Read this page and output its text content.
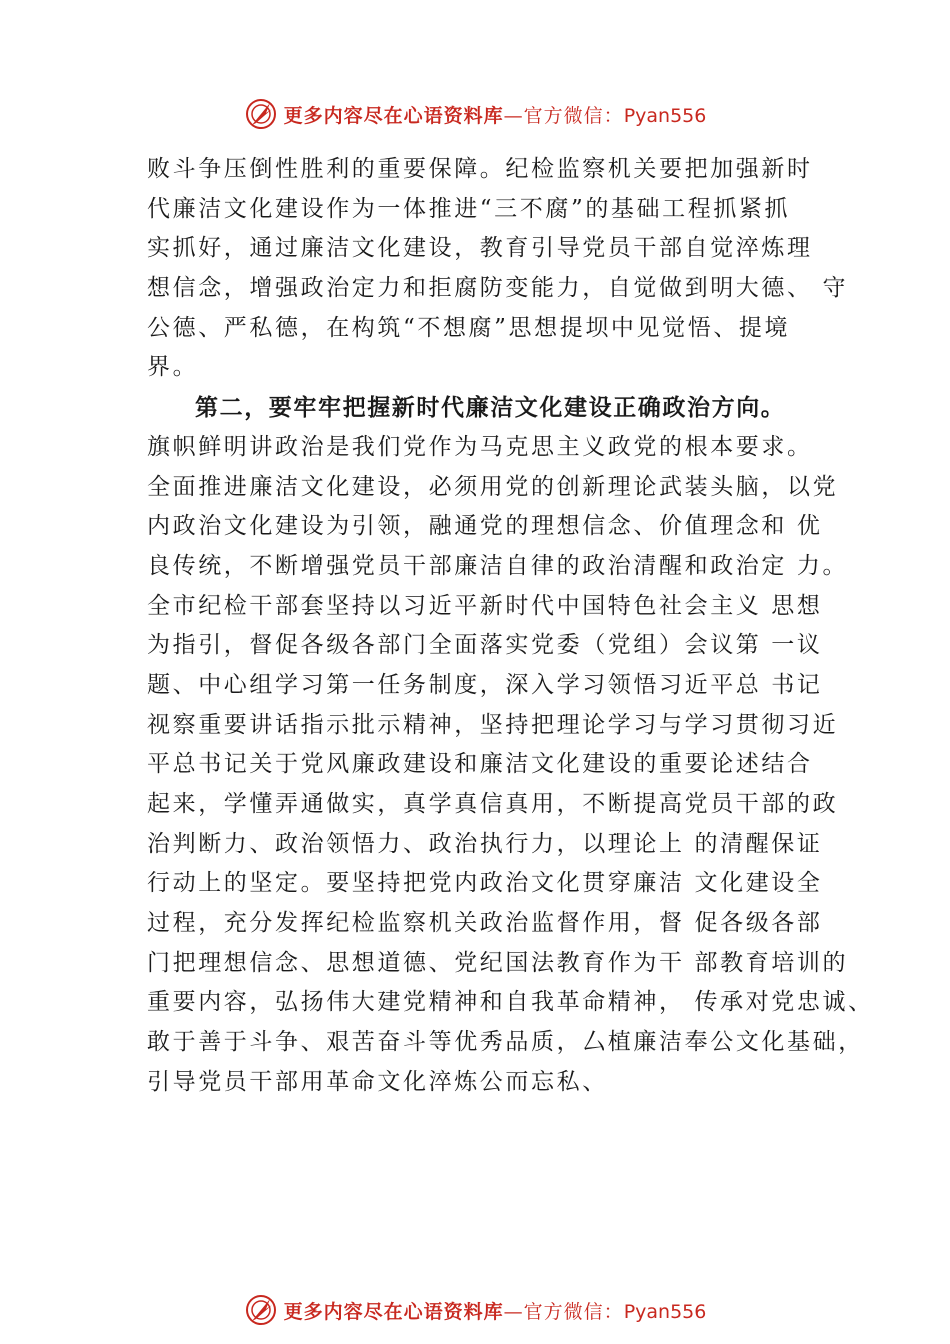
更多内容尽在心语资料库—官方微信：Pyan556
败斗争压倒性胜利的重要保障。纪检监察机关要把加强新时
代廉洁文化建设作为一体推进“三不腐”的基础工程抓紧抓
实抓好，通过廉洁文化建设，教育引导党员干部自觉淬炼理
想信念，增强政治定力和拒腐防变能力，自觉做到明大德、 守
公德、严私德，在构筑“不想腐”思想提坝中见觉悟、提境
界。
第二，要牢牢把握新时代廉洁文化建设正确政治方向。
旗帜鲜明讲政治是我们党作为马克思主义政党的根本要求。
全面推进廉洁文化建设，必须用党的创新理论武装头脑，以党
内政治文化建设为引领，融通党的理想信念、价值理念和 优
良传统，不断增强党员干部廉洁自律的政治清醒和政治定 力。
全市纪检干部套坚持以习近平新时代中国特色社会主义 思想
为指引，督促各级各部门全面落实党委（党组）会议第 一议
题、中心组学习第一任务制度，深入学习领悟习近平总 书记
视察重要讲话指示批示精神，坚持把理论学习与学习贯彻习近
平总书记关于党风廉政建设和廉洁文化建设的重要论述结合
起来，学懂弄通做实，真学真信真用，不断提高党员干部的政
治判断力、政治领悟力、政治执行力，以理论上 的清醒保证
行动上的坚定。要坚持把党内政治文化贯穿廉洁 文化建设全
过程，充分发挥纪检监察机关政治监督作用，督 促各级各部
门把理想信念、思想道德、党纪国法教育作为干 部教育培训的
重要内容，弘扬伟大建党精神和自我革命精神， 传承对党忠诚、
敢于善于斗争、艰苦奋斗等优秀品质，厶植廉洁奉公文化基础，
引导党员干部用革命文化淬炼公而忘私、
更多内容尽在心语资料库—官方微信：Pyan556
